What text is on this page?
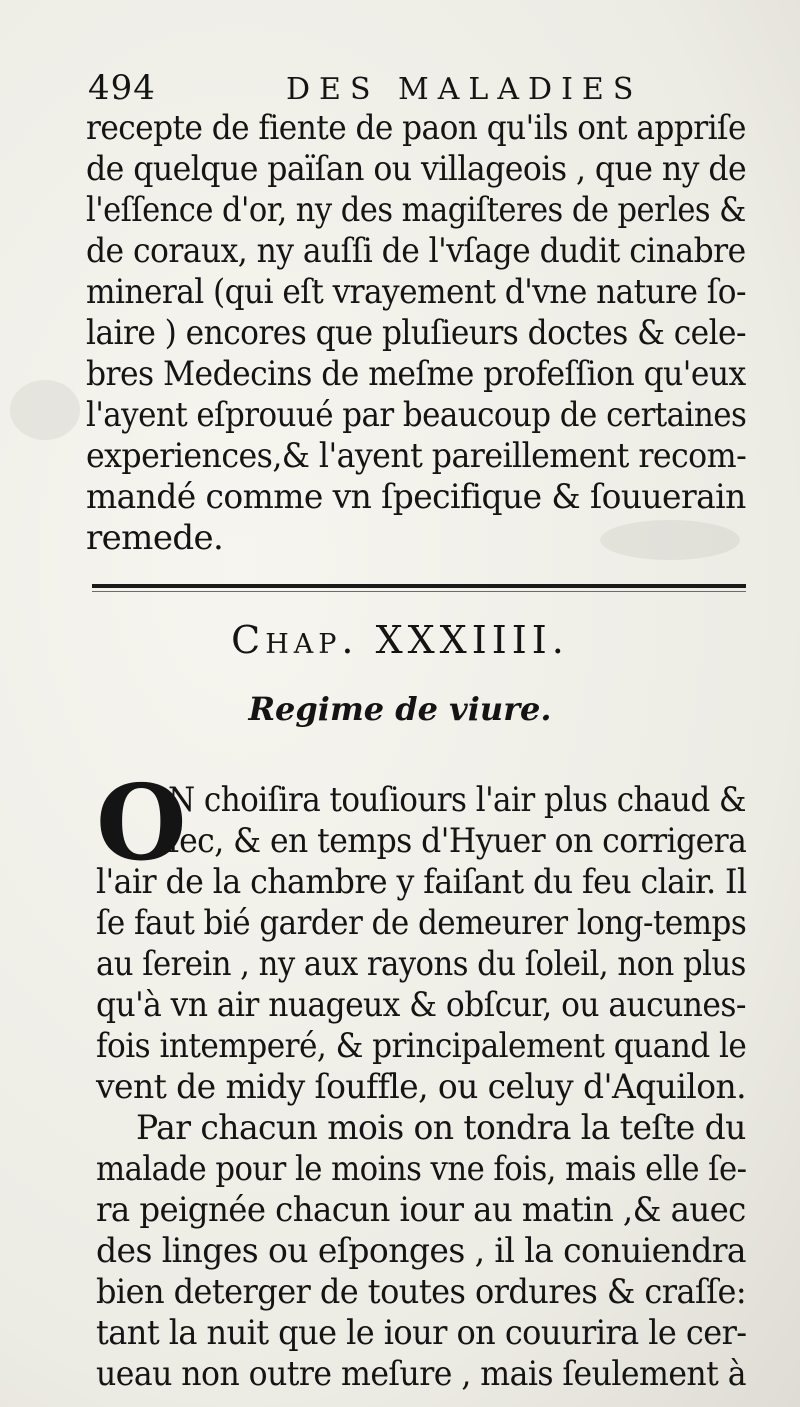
494	DES MALADIES
recepte de fiente de paon qu'ils ont appriſe
de quelque païſan ou villageois , que ny de
l'eſſence d'or, ny des magiſteres de perles &
de coraux, ny auſſi de l'vſage dudit cinabre
mineral (qui eſt vrayement d'vne nature ſo-
laire ) encores que pluſieurs doctes & cele-
bres Medecins de meſme profeſſion qu'eux
l'ayent eſprouué par beaucoup de certaines
experiences,& l'ayent pareillement recom-
mandé comme vn ſpecifique & ſouuerain
remede.
Chap. XXXIIII.
Regime de viure.
O
N choiſira touſiours l'air plus chaud &
ſec, & en temps d'Hyuer on corrigera
l'air de la chambre y faiſant du feu clair. Il
ſe faut bié garder de demeurer long-temps
au ſerein , ny aux rayons du ſoleil, non plus
qu'à vn air nuageux & obſcur, ou aucunes-
fois intemperé, & principalement quand le
vent de midy ſouffle, ou celuy d'Aquilon.
Par chacun mois on tondra la teſte du
malade pour le moins vne fois, mais elle ſe-
ra peignée chacun iour au matin ,& auec
des linges ou eſponges , il la conuiendra
bien deterger de toutes ordures & craſſe:
tant la nuit que le iour on couurira le cer-
ueau non outre meſure , mais ſeulement à
